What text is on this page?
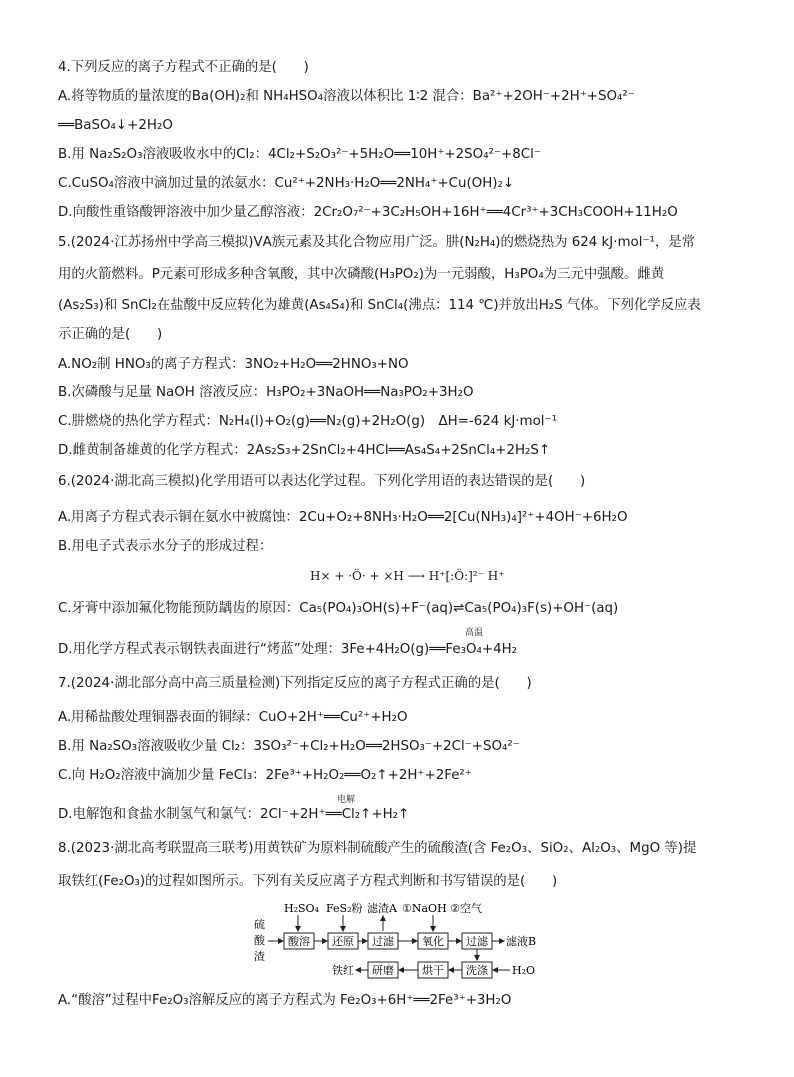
4.下列反应的离子方程式不正确的是(　　)
A.将等物质的量浓度的Ba(OH)₂和 NH₄HSO₄溶液以体积比 1∶2 混合：Ba²⁺+2OH⁻+2H⁺+SO₄²⁻
══BaSO₄↓+2H₂O
B.用 Na₂S₂O₃溶液吸收水中的Cl₂：4Cl₂+S₂O₃²⁻+5H₂O══10H⁺+2SO₄²⁻+8Cl⁻
C.CuSO₄溶液中滴加过量的浓氨水：Cu²⁺+2NH₃·H₂O══2NH₄⁺+Cu(OH)₂↓
D.向酸性重铬酸钾溶液中加少量乙醇溶液：2Cr₂O₇²⁻+3C₂H₅OH+16H⁺══4Cr³⁺+3CH₃COOH+11H₂O
5.(2024·江苏扬州中学高三模拟)ⅤA族元素及其化合物应用广泛。肼(N₂H₄)的燃烧热为 624 kJ·mol⁻¹，是常
用的火箭燃料。P元素可形成多种含氧酸，其中次磷酸(H₃PO₂)为一元弱酸，H₃PO₄为三元中强酸。雌黄
(As₂S₃)和 SnCl₂在盐酸中反应转化为雄黄(As₄S₄)和 SnCl₄(沸点：114 ℃)并放出H₂S 气体。下列化学反应表
示正确的是(　　)
A.NO₂制 HNO₃的离子方程式：3NO₂+H₂O══2HNO₃+NO
B.次磷酸与足量 NaOH 溶液反应：H₃PO₂+3NaOH══Na₃PO₂+3H₂O
C.肼燃烧的热化学方程式：N₂H₄(l)+O₂(g)══N₂(g)+2H₂O(g)　ΔH=-624 kJ·mol⁻¹
D.雌黄制备雄黄的化学方程式：2As₂S₃+2SnCl₂+4HCl══As₄S₄+2SnCl₄+2H₂S↑
6.(2024·湖北高三模拟)化学用语可以表达化学过程。下列化学用语的表达错误的是(　　)
A.用离子方程式表示铜在氨水中被腐蚀：2Cu+O₂+8NH₃·H₂O══2[Cu(NH₃)₄]²⁺+4OH⁻+6H₂O
B.用电子式表示水分子的形成过程：
H× + ·Ö· + ×H ⟶ H⁺[:Ö:]²⁻ H⁺
C.牙膏中添加氟化物能预防龋齿的原因：Ca₅(PO₄)₃OH(s)+F⁻(aq)⇌Ca₅(PO₄)₃F(s)+OH⁻(aq)
高温
D.用化学方程式表示钢铁表面进行“烤蓝”处理：3Fe+4H₂O(g)══Fe₃O₄+4H₂
7.(2024·湖北部分高中高三质量检测)下列指定反应的离子方程式正确的是(　　)
A.用稀盐酸处理铜器表面的铜绿：CuO+2H⁺══Cu²⁺+H₂O
B.用 Na₂SO₃溶液吸收少量 Cl₂：3SO₃²⁻+Cl₂+H₂O══2HSO₃⁻+2Cl⁻+SO₄²⁻
C.向 H₂O₂溶液中滴加少量 FeCl₃：2Fe³⁺+H₂O₂══O₂↑+2H⁺+2Fe²⁺
电解
D.电解饱和食盐水制氢气和氯气：2Cl⁻+2H⁺══Cl₂↑+H₂↑
8.(2023·湖北高考联盟高三联考)用黄铁矿为原料制硫酸产生的硫酸渣(含 Fe₂O₃、SiO₂、Al₂O₃、MgO 等)提
取铁红(Fe₂O₃)的过程如图所示。下列有关反应离子方程式判断和书写错误的是(　　)
硫
酸
渣
H₂SO₄ FeS₂粉 滤渣A ①NaOH ②空气
酸溶 还原 过滤	氧化 过滤 滤液B
洗涤
烘干
研磨
铁红	H₂O
A.“酸溶”过程中Fe₂O₃溶解反应的离子方程式为 Fe₂O₃+6H⁺══2Fe³⁺+3H₂O
